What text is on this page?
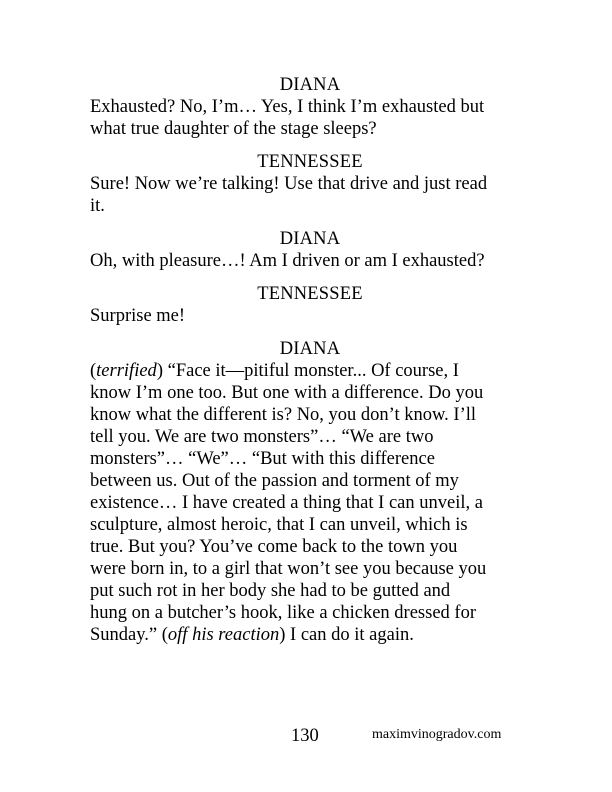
DIANA

Exhausted? No, I’m… Yes, I think I’m exhausted but

what true daughter of the stage sleeps?

TENNESSEE

Sure! Now we’re talking! Use that drive and just read

it.

DIANA

Oh, with pleasure…! Am I driven or am I exhausted?

TENNESSEE

Surprise me!

DIANA

(terrified) “Face it—pitiful monster... Of course, I

know I’m one too. But one with a difference. Do you

know what the different is? No, you don’t know. I’ll

tell you. We are two monsters”… “We are two

monsters”… “We”… “But with this difference

between us. Out of the passion and torment of my

existence… I have created a thing that I can unveil, a

sculpture, almost heroic, that I can unveil, which is

true. But you? You’ve come back to the town you

were born in, to a girl that won’t see you because you

put such rot in her body she had to be gutted and

hung on a butcher’s hook, like a chicken dressed for

Sunday.” (off his reaction) I can do it again.

130	maximvinogradov.com
